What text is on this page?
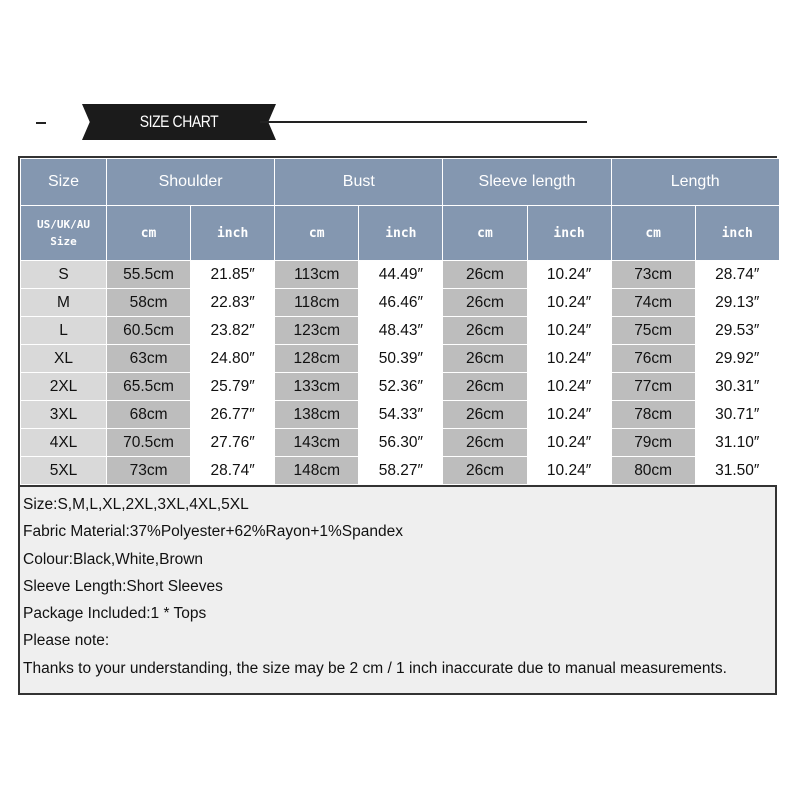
SIZE CHART
Size	Shoulder		Bust		Sleeve length		Length	
US/UK/AU
Size	cm	inch	cm	inch	cm	inch	cm	inch
S	55.5cm	21.85″	113cm	44.49″	26cm	10.24″	73cm	28.74″
M	58cm	22.83″	118cm	46.46″	26cm	10.24″	74cm	29.13″
L	60.5cm	23.82″	123cm	48.43″	26cm	10.24″	75cm	29.53″
XL	63cm	24.80″	128cm	50.39″	26cm	10.24″	76cm	29.92″
2XL	65.5cm	25.79″	133cm	52.36″	26cm	10.24″	77cm	30.31″
3XL	68cm	26.77″	138cm	54.33″	26cm	10.24″	78cm	30.71″
4XL	70.5cm	27.76″	143cm	56.30″	26cm	10.24″	79cm	31.10″
5XL	73cm	28.74″	148cm	58.27″	26cm	10.24″	80cm	31.50″
Size:S,M,L,XL,2XL,3XL,4XL,5XL
Fabric Material:37%Polyester+62%Rayon+1%Spandex
Colour:Black,White,Brown
Sleeve Length:Short Sleeves
Package Included:1 * Tops
Please note:
Thanks to your understanding, the size may be 2 cm / 1 inch inaccurate due to manual measurements.
